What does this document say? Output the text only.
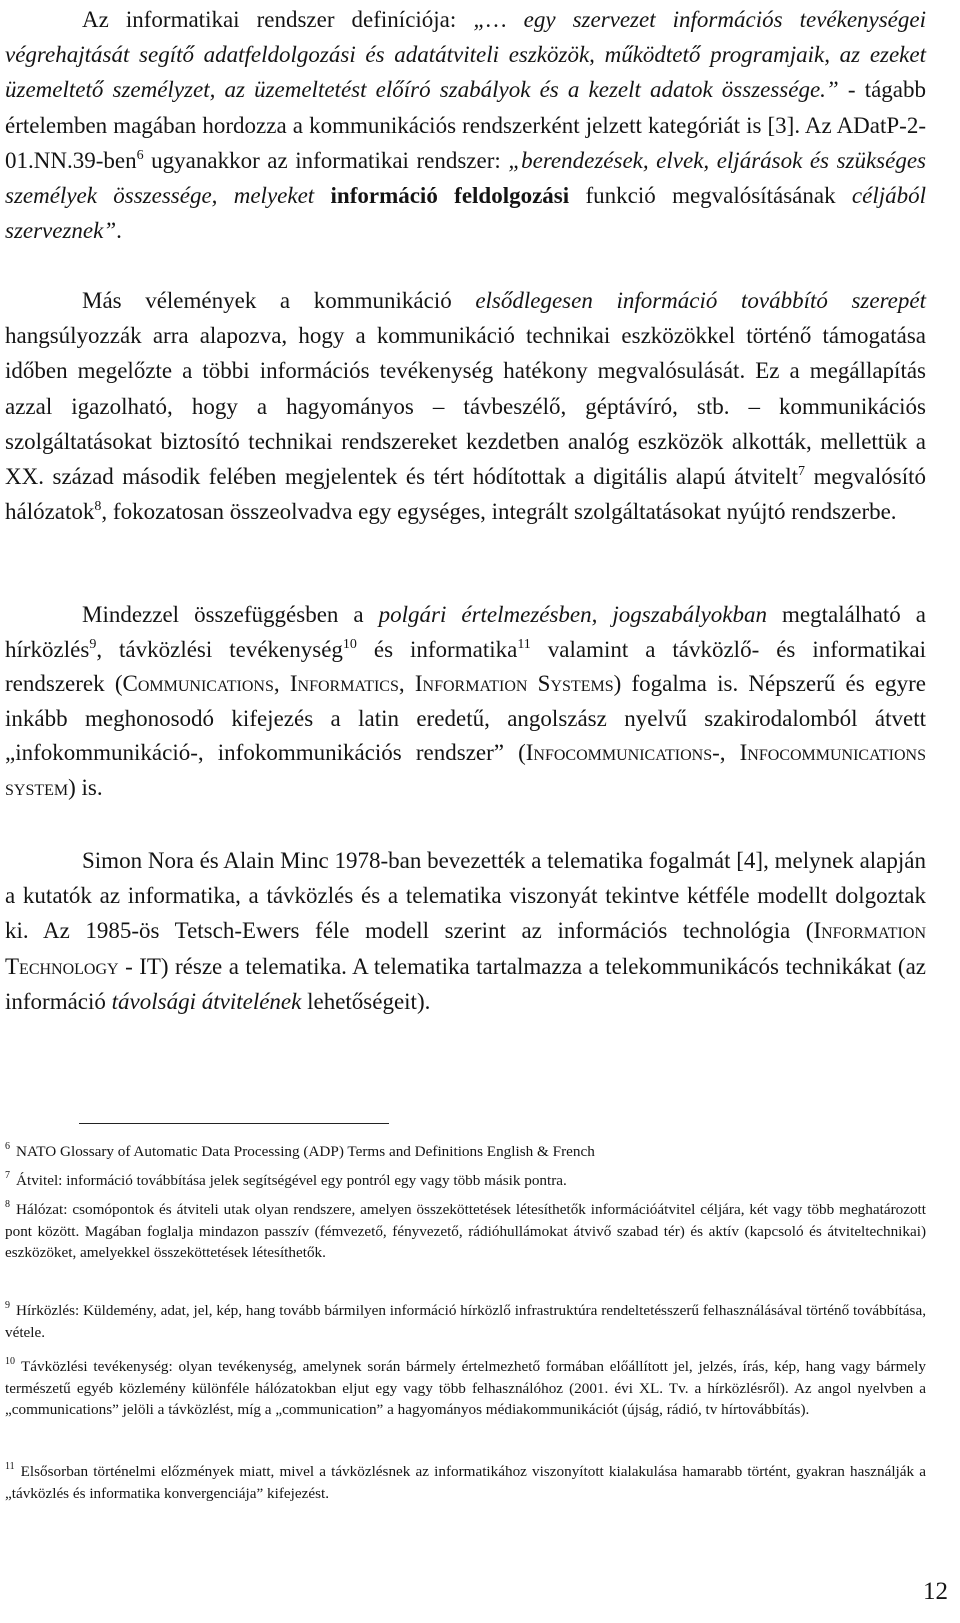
Az informatikai rendszer definíciója: „… egy szervezet információs tevékenységei végrehajtását segítő adatfeldolgozási és adatátviteli eszközök, működtető programjaik, az ezeket üzemeltető személyzet, az üzemeltetést előíró szabályok és a kezelt adatok összessége.” - tágabb értelemben magában hordozza a kommunikációs rendszerként jelzett kategóriát is [3]. Az ADatP-2-01.NN.39-ben$^6$ ugyanakkor az informatikai rendszer: „berendezések, elvek, eljárások és szükséges személyek összessége, melyeket információ feldolgozási funkció megvalósításának céljából szerveznek”.

Más vélemények a kommunikáció elsődlegesen információ továbbító szerepét hangsúlyozzák arra alapozva, hogy a kommunikáció technikai eszközökkel történő támogatása időben megelőzte a többi információs tevékenység hatékony megvalósulását. Ez a megállapítás azzal igazolható, hogy a hagyományos – távbeszélő, géptávíró, stb. – kommunikációs szolgáltatásokat biztosító technikai rendszereket kezdetben analóg eszközök alkották, mellettük a XX. század második felében megjelentek és tért hódítottak a digitális alapú átvitelt$^7$ megvalósító hálózatok$^8$, fokozatosan összeolvadva egy egységes, integrált szolgáltatásokat nyújtó rendszerbe.

Mindezzel összefüggésben a polgári értelmezésben, jogszabályokban megtalálható a hírközlés$^9$, távközlési tevékenység$^{10}$ és informatika$^{11}$ valamint a távközlő- és informatikai rendszerek (Communications, Informatics, Information Systems) fogalma is. Népszerű és egyre inkább meghonosodó kifejezés a latin eredetű, angolszász nyelvű szakirodalomból átvett „infokommunikáció-, infokommunikációs rendszer” (Infocommunications-, Infocommunications system) is.

Simon Nora és Alain Minc 1978-ban bevezették a telematika fogalmát [4], melynek alapján a kutatók az informatika, a távközlés és a telematika viszonyát tekintve kétféle modellt dolgoztak ki. Az 1985-ös Tetsch-Ewers féle modell szerint az információs technológia (Information Technology - IT) része a telematika. A telematika tartalmazza a telekommunikácós technikákat (az információ távolsági átvitelének lehetőségeit).

$^6$ NATO Glossary of Automatic Data Processing (ADP) Terms and Definitions English & French

$^7$ Átvitel: információ továbbítása jelek segítségével egy pontról egy vagy több másik pontra.

$^8$ Hálózat: csomópontok és átviteli utak olyan rendszere, amelyen összeköttetések létesíthetők információátvitel céljára, két vagy több meghatározott pont között. Magában foglalja mindazon passzív (fémvezető, fényvezető, rádióhullámokat átvivő szabad tér) és aktív (kapcsoló és átviteltechnikai) eszközöket, amelyekkel összeköttetések létesíthetők.

$^9$ Hírközlés: Küldemény, adat, jel, kép, hang tovább bármilyen információ hírközlő infrastruktúra rendeltetésszerű felhasználásával történő továbbítása, vétele.

$^{10}$ Távközlési tevékenység: olyan tevékenység, amelynek során bármely értelmezhető formában előállított jel, jelzés, írás, kép, hang vagy bármely természetű egyéb közlemény különféle hálózatokban eljut egy vagy több felhasználóhoz (2001. évi XL. Tv. a hírközlésről). Az angol nyelvben a „communications” jelöli a távközlést, míg a „communication” a hagyományos médiakommunikációt (újság, rádió, tv hírtovábbítás).

$^{11}$ Elsősorban történelmi előzmények miatt, mivel a távközlésnek az informatikához viszonyított kialakulása hamarabb történt, gyakran használják a „távközlés és informatika konvergenciája” kifejezést.

12
